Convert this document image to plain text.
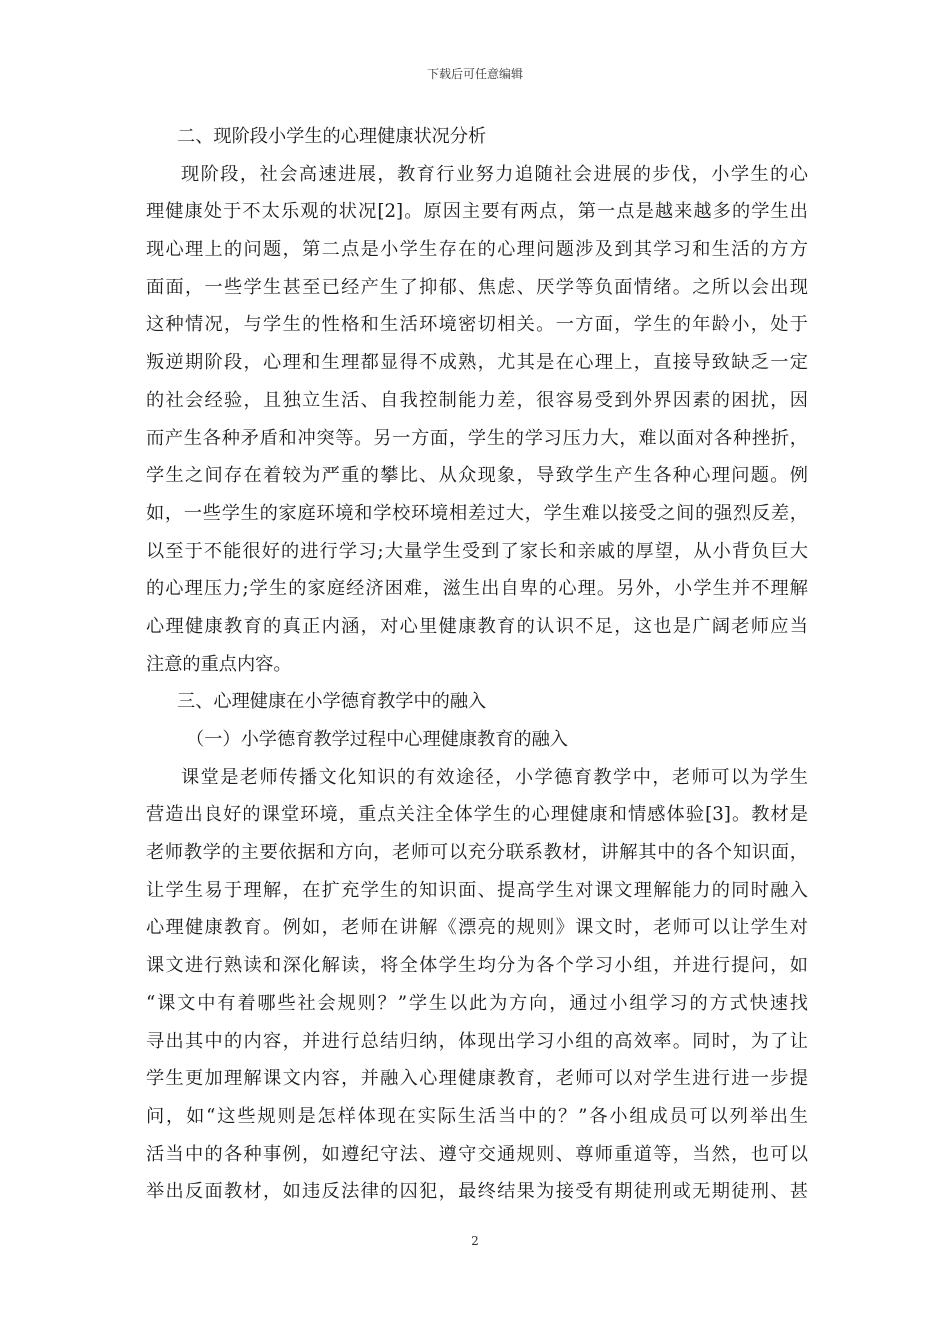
下载后可任意编辑
二、现阶段小学生的心理健康状况分析
现阶段，社会高速进展，教育行业努力追随社会进展的步伐，小学生的心
理健康处于不太乐观的状况[2]。原因主要有两点，第一点是越来越多的学生出
现心理上的问题，第二点是小学生存在的心理问题涉及到其学习和生活的方方
面面，一些学生甚至已经产生了抑郁、焦虑、厌学等负面情绪。之所以会出现
这种情况，与学生的性格和生活环境密切相关。一方面，学生的年龄小，处于
叛逆期阶段，心理和生理都显得不成熟，尤其是在心理上，直接导致缺乏一定
的社会经验，且独立生活、自我控制能力差，很容易受到外界因素的困扰，因
而产生各种矛盾和冲突等。另一方面，学生的学习压力大，难以面对各种挫折，
学生之间存在着较为严重的攀比、从众现象，导致学生产生各种心理问题。例
如，一些学生的家庭环境和学校环境相差过大，学生难以接受之间的强烈反差，
以至于不能很好的进行学习;大量学生受到了家长和亲戚的厚望，从小背负巨大
的心理压力;学生的家庭经济困难，滋生出自卑的心理。另外，小学生并不理解
心理健康教育的真正内涵，对心里健康教育的认识不足，这也是广阔老师应当
注意的重点内容。
三、心理健康在小学德育教学中的融入
（一）小学德育教学过程中心理健康教育的融入
课堂是老师传播文化知识的有效途径，小学德育教学中，老师可以为学生
营造出良好的课堂环境，重点关注全体学生的心理健康和情感体验[3]。教材是
老师教学的主要依据和方向，老师可以充分联系教材，讲解其中的各个知识面，
让学生易于理解，在扩充学生的知识面、提高学生对课文理解能力的同时融入
心理健康教育。例如，老师在讲解《漂亮的规则》课文时，老师可以让学生对
课文进行熟读和深化解读，将全体学生均分为各个学习小组，并进行提问，如
“课文中有着哪些社会规则？”学生以此为方向，通过小组学习的方式快速找
寻出其中的内容，并进行总结归纳，体现出学习小组的高效率。同时，为了让
学生更加理解课文内容，并融入心理健康教育，老师可以对学生进行进一步提
问，如“这些规则是怎样体现在实际生活当中的？”各小组成员可以列举出生
活当中的各种事例，如遵纪守法、遵守交通规则、尊师重道等，当然，也可以
举出反面教材，如违反法律的囚犯，最终结果为接受有期徒刑或无期徒刑、甚
2
